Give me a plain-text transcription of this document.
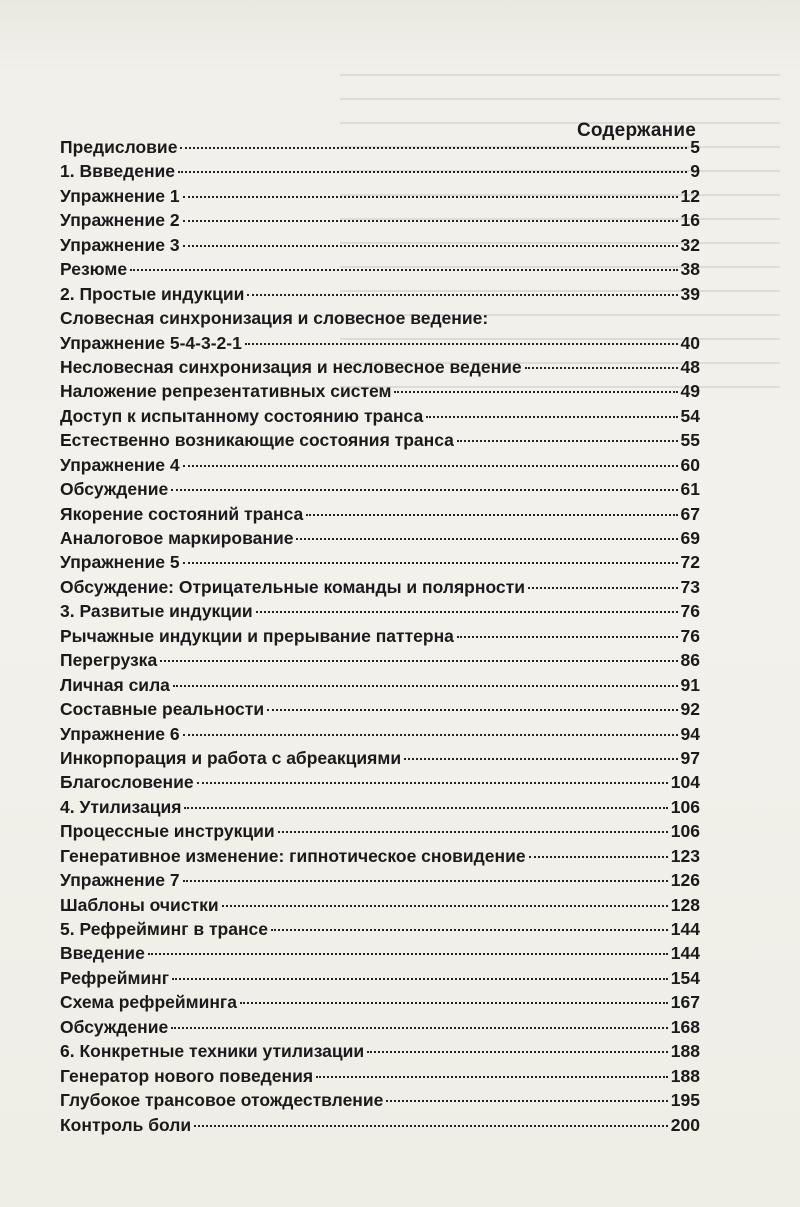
Содержание
Предисловие	5
1. Ввведение	9
Упражнение 1	12
Упражнение 2	16
Упражнение 3	32
Резюме	38
2. Простые индукции	39
Словесная синхронизация и словесное ведение:
Упражнение 5-4-3-2-1	40
Несловесная синхронизация и несловесное ведение	48
Наложение репрезентативных систем	49
Доступ к испытанному состоянию транса	54
Естественно возникающие состояния транса	55
Упражнение 4	60
Обсуждение	61
Якорение состояний транса	67
Аналоговое маркирование	69
Упражнение 5	72
Обсуждение: Отрицательные команды и полярности	73
3. Развитые индукции	76
Рычажные индукции и прерывание паттерна	76
Перегрузка	86
Личная сила	91
Составные реальности	92
Упражнение 6	94
Инкорпорация и работа с абреакциями	97
Благословение	104
4. Утилизация	106
Процессные инструкции	106
Генеративное изменение: гипнотическое сновидение	123
Упражнение 7	126
Шаблоны очистки	128
5. Рефрейминг в трансе	144
Введение	144
Рефрейминг	154
Схема рефрейминга	167
Обсуждение	168
6. Конкретные техники утилизации	188
Генератор нового поведения	188
Глубокое трансовое отождествление	195
Контроль боли	200
